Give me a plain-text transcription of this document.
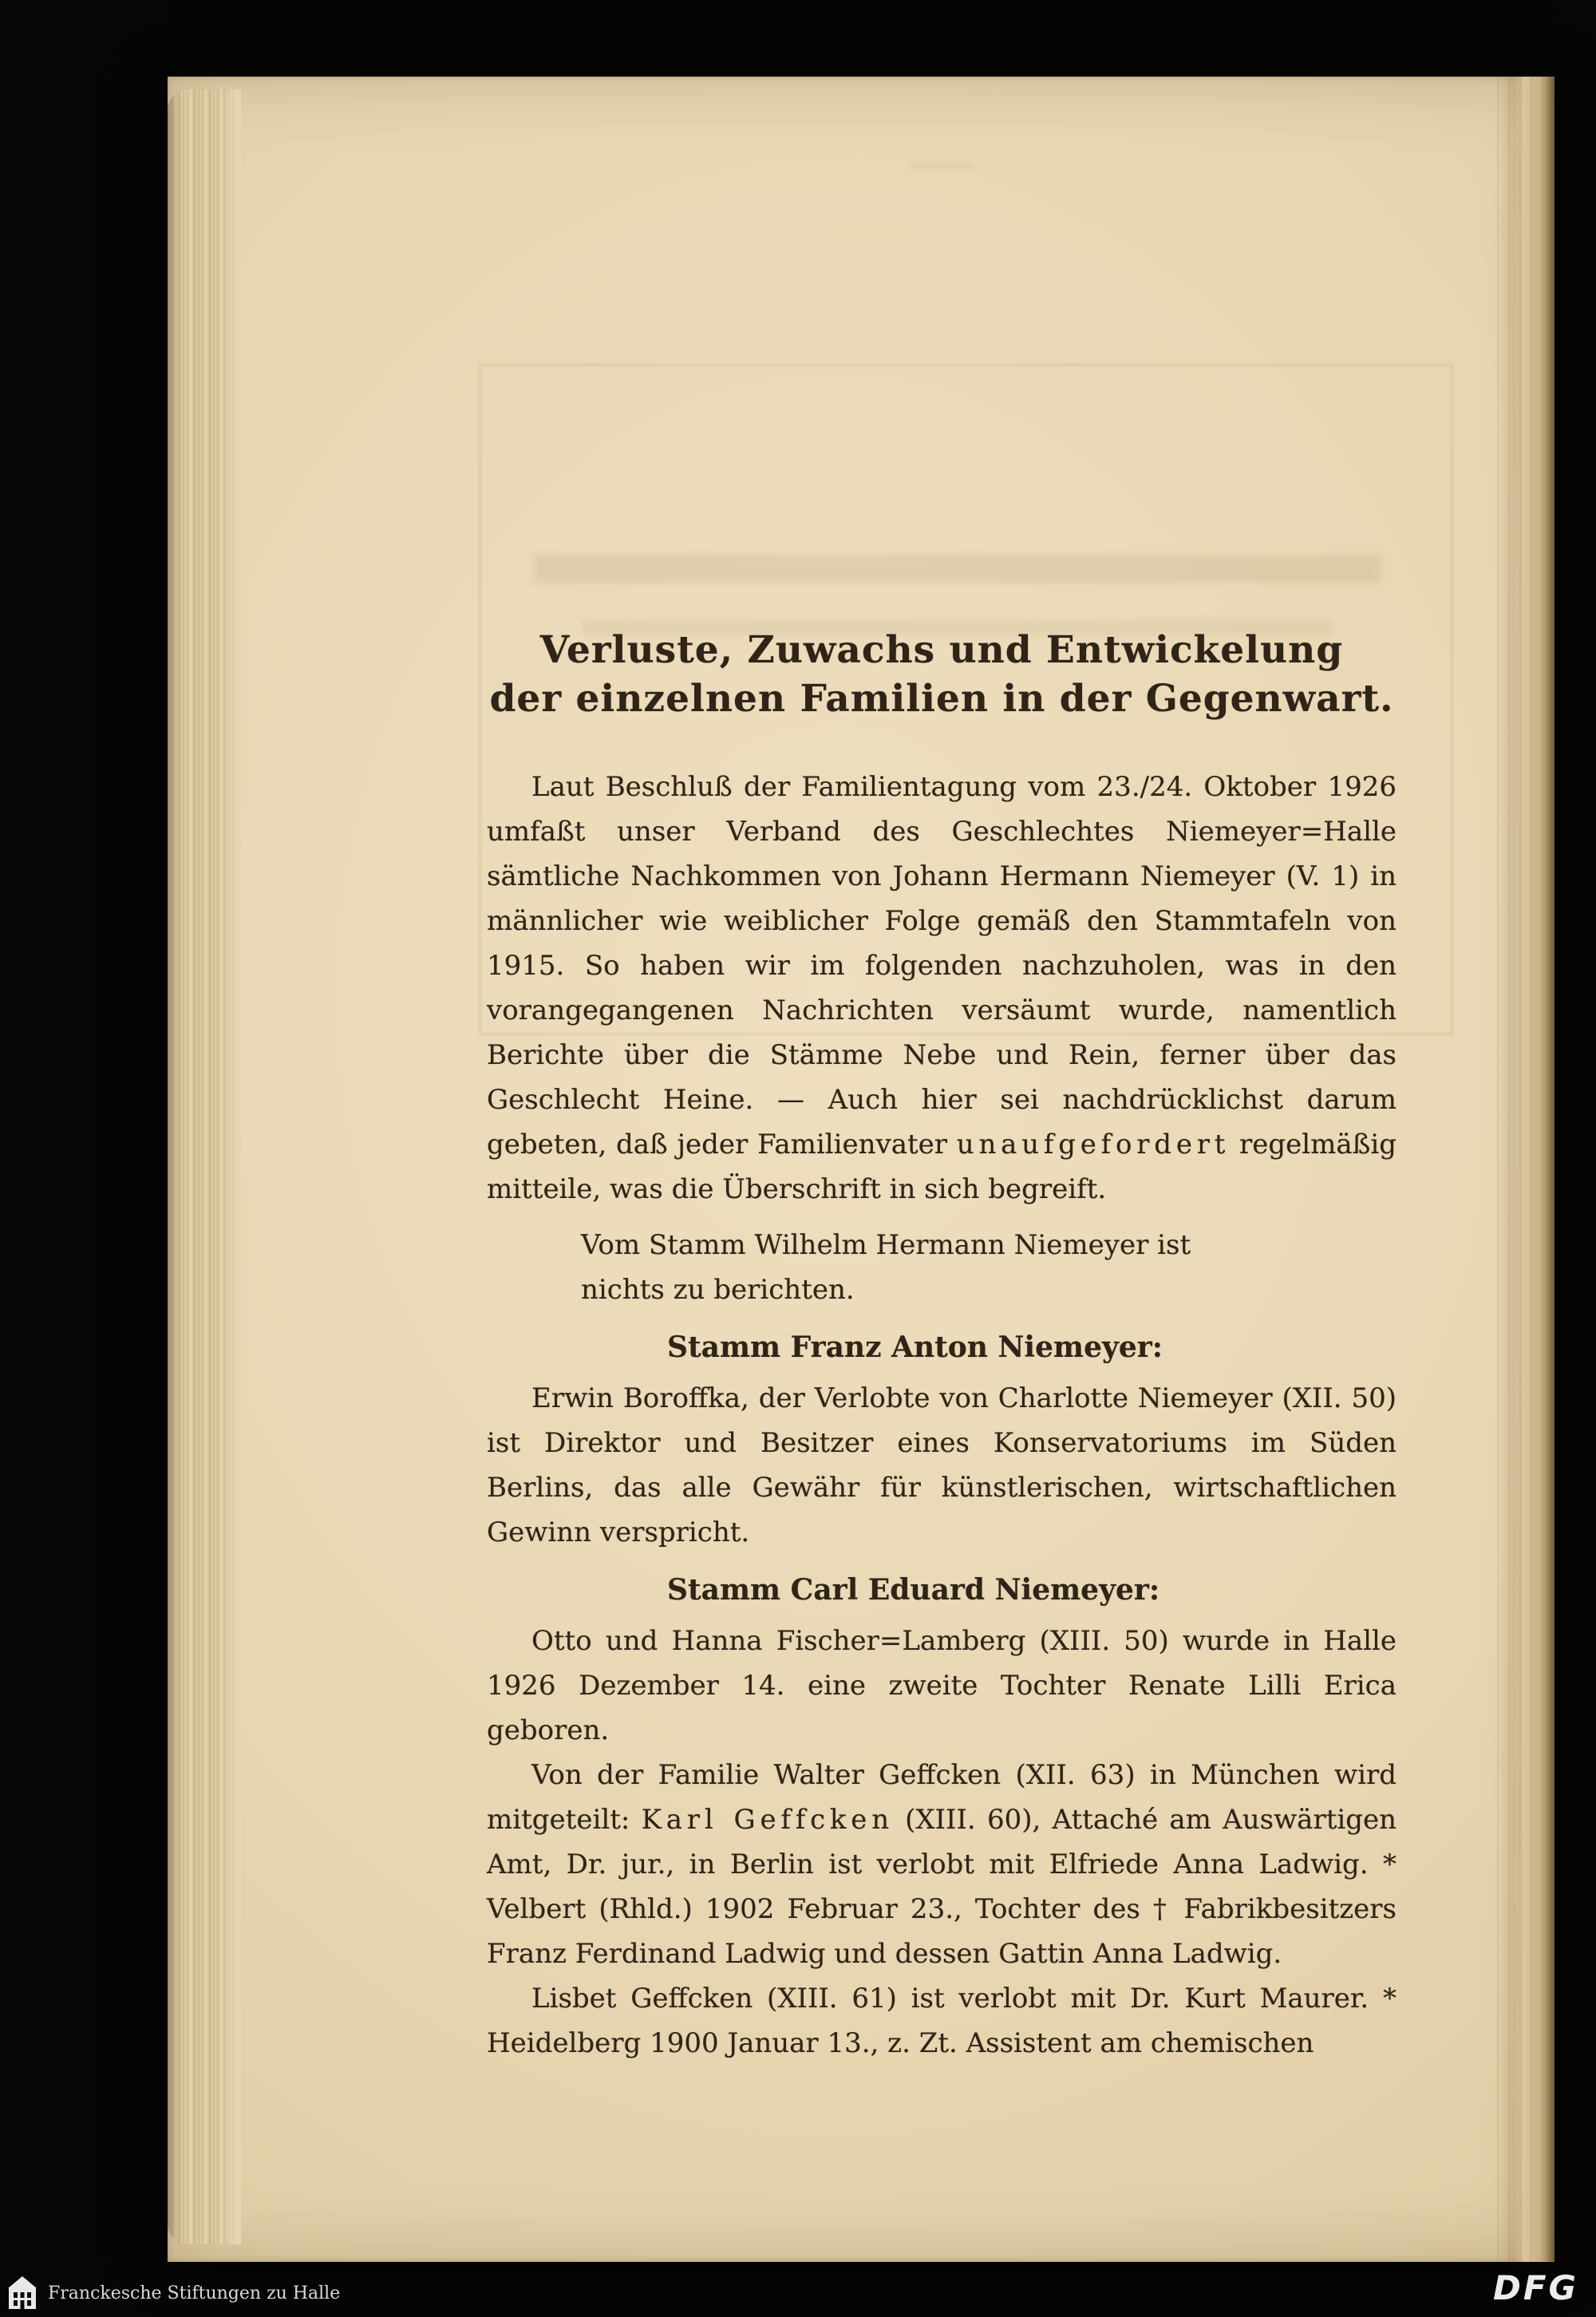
Verluste, Zuwachs und Entwickelung
der einzelnen Familien in der Gegenwart.

Laut Beschluß der Familientagung vom 23./24. Oktober 1926 umfaßt unser Verband des Geschlechtes Niemeyer=Halle sämtliche Nachkommen von Johann Hermann Niemeyer (V. 1) in männlicher wie weiblicher Folge gemäß den Stammtafeln von 1915. So haben wir im folgenden nachzuholen, was in den vorangegangenen Nachrichten versäumt wurde, namentlich Berichte über die Stämme Nebe und Rein, ferner über das Geschlecht Heine. — Auch hier sei nachdrücklichst darum gebeten, daß jeder Familienvater unaufgefordert regelmäßig mitteile, was die Überschrift in sich begreift.

Vom Stamm Wilhelm Hermann Niemeyer ist nichts zu berichten.
Stamm Franz Anton Niemeyer:

Erwin Boroffka, der Verlobte von Charlotte Niemeyer (XII. 50) ist Direktor und Besitzer eines Konservatoriums im Süden Berlins, das alle Gewähr für künstlerischen, wirtschaftlichen Gewinn verspricht.

Stamm Carl Eduard Niemeyer:

Otto und Hanna Fischer=Lamberg (XIII. 50) wurde in Halle 1926 Dezember 14. eine zweite Tochter Renate Lilli Erica geboren.

Von der Familie Walter Geffcken (XII. 63) in München wird mitgeteilt: Karl Geffcken (XIII. 60), Attaché am Auswärtigen Amt, Dr. jur., in Berlin ist verlobt mit Elfriede Anna Ladwig. * Velbert (Rhld.) 1902 Februar 23., Tochter des † Fabrikbesitzers Franz Ferdinand Ladwig und dessen Gattin Anna Ladwig.

Lisbet Geffcken (XIII. 61) ist verlobt mit Dr. Kurt Maurer. * Heidelberg 1900 Januar 13., z. Zt. Assistent am chemischen

Franckesche Stiftungen zu Halle	DFG
